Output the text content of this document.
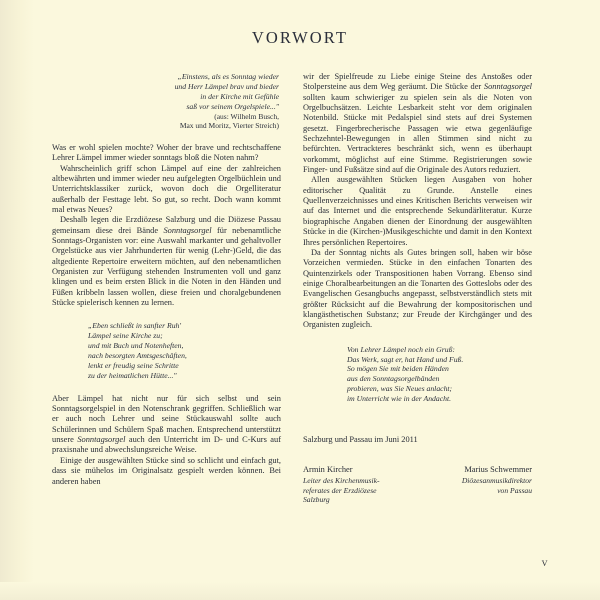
VORWORT
„Einstens, als es Sonntag wieder
und Herr Lämpel brav und bieder
in der Kirche mit Gefühle
saß vor seinem Orgelspiele..."
(aus: Wilhelm Busch,
Max und Moritz, Vierter Streich)

Was er wohl spielen mochte? Woher der brave und rechtschaffene Lehrer Lämpel immer wieder sonntags bloß die Noten nahm?

Wahrscheinlich griff schon Lämpel auf eine der zahlreichen altbewährten und immer wieder neu aufgelegten Orgelbüchlein und Unterrichtsklassiker zurück, wovon doch die Orgelliteratur außerhalb der Festtage lebt. So gut, so recht. Doch wann kommt mal etwas Neues?

Deshalb legen die Erzdiözese Salzburg und die Diözese Passau gemeinsam diese drei Bände Sonntagsorgel für nebenamtliche Sonntags-Organisten vor: eine Auswahl markanter und gehaltvoller Orgelstücke aus vier Jahrhunderten für wenig (Lehr-)Geld, die das altgediente Repertoire erweitern möchten, auf den nebenamtlichen Organisten zur Verfügung stehenden Instrumenten voll und ganz klingen und es beim ersten Blick in die Noten in den Händen und Füßen kribbeln lassen wollen, diese freien und choralgebundenen Stücke spielerisch kennen zu lernen.

„Eben schließt in sanfter Ruh'
Lämpel seine Kirche zu;
und mit Buch und Notenheften,
nach besorgten Amtsgeschäften,
lenkt er freudig seine Schritte
zu der heimatlichen Hütte..."

Aber Lämpel hat nicht nur für sich selbst und sein Sonntagsorgelspiel in den Notenschrank gegriffen. Schließlich war er auch noch Lehrer und seine Stückauswahl sollte auch Schülerinnen und Schülern Spaß machen. Entsprechend unterstützt unsere Sonntagsorgel auch den Unterricht im D- und C-Kurs auf praxisnahe und abwechslungsreiche Weise.

Einige der ausgewählten Stücke sind so schlicht und einfach gut, dass sie mühelos im Originalsatz gespielt werden können. Bei anderen haben

wir der Spielfreude zu Liebe einige Steine des Anstoßes oder Stolpersteine aus dem Weg geräumt. Die Stücke der Sonntagsorgel sollten kaum schwieriger zu spielen sein als die Noten von Orgelbuchsätzen. Leichte Lesbarkeit steht vor dem originalen Notenbild. Stücke mit Pedalspiel sind stets auf drei Systemen gesetzt. Fingerbrecherische Passagen wie etwa gegenläufige Sechzehntel-Bewegungen in allen Stimmen sind nicht zu befürchten. Vertrackteres beschränkt sich, wenn es überhaupt vorkommt, möglichst auf eine Stimme. Registrierungen sowie Finger- und Fußsätze sind auf die Originale des Autors reduziert.

Allen ausgewählten Stücken liegen Ausgaben von hoher editorischer Qualität zu Grunde. Anstelle eines Quellenverzeichnisses und eines Kritischen Berichts verweisen wir auf das Internet und die entsprechende Sekundärliteratur. Kurze biographische Angaben dienen der Einordnung der ausgewählten Stücke in die (Kirchen-)Musikgeschichte und damit in den Kontext Ihres persönlichen Repertoires.

Da der Sonntag nichts als Gutes bringen soll, haben wir böse Vorzeichen vermieden. Stücke in den einfachen Tonarten des Quintenzirkels oder Transpositionen haben Vorrang. Ebenso sind einige Choralbearbeitungen an die Tonarten des Gotteslobs oder des Evangelischen Gesangbuchs angepasst, selbstverständlich stets mit größter Rücksicht auf die Bewahrung der kompositorischen und klangästhetischen Substanz; zur Freude der Kirchgänger und des Organisten zugleich.

Von Lehrer Lämpel noch ein Gruß:
Das Werk, sagt er, hat Hand und Fuß.
So mögen Sie mit beiden Händen
aus den Sonntagsorgelbänden
probieren, was Sie Neues anlacht;
im Unterricht wie in der Andacht.
Salzburg und Passau im Juni 2011
Armin Kircher
Leiter des Kirchenmusik-
referates der Erzdiözese
Salzburg
Marius Schwemmer
Diözesanmusikdirektor
von Passau
V
